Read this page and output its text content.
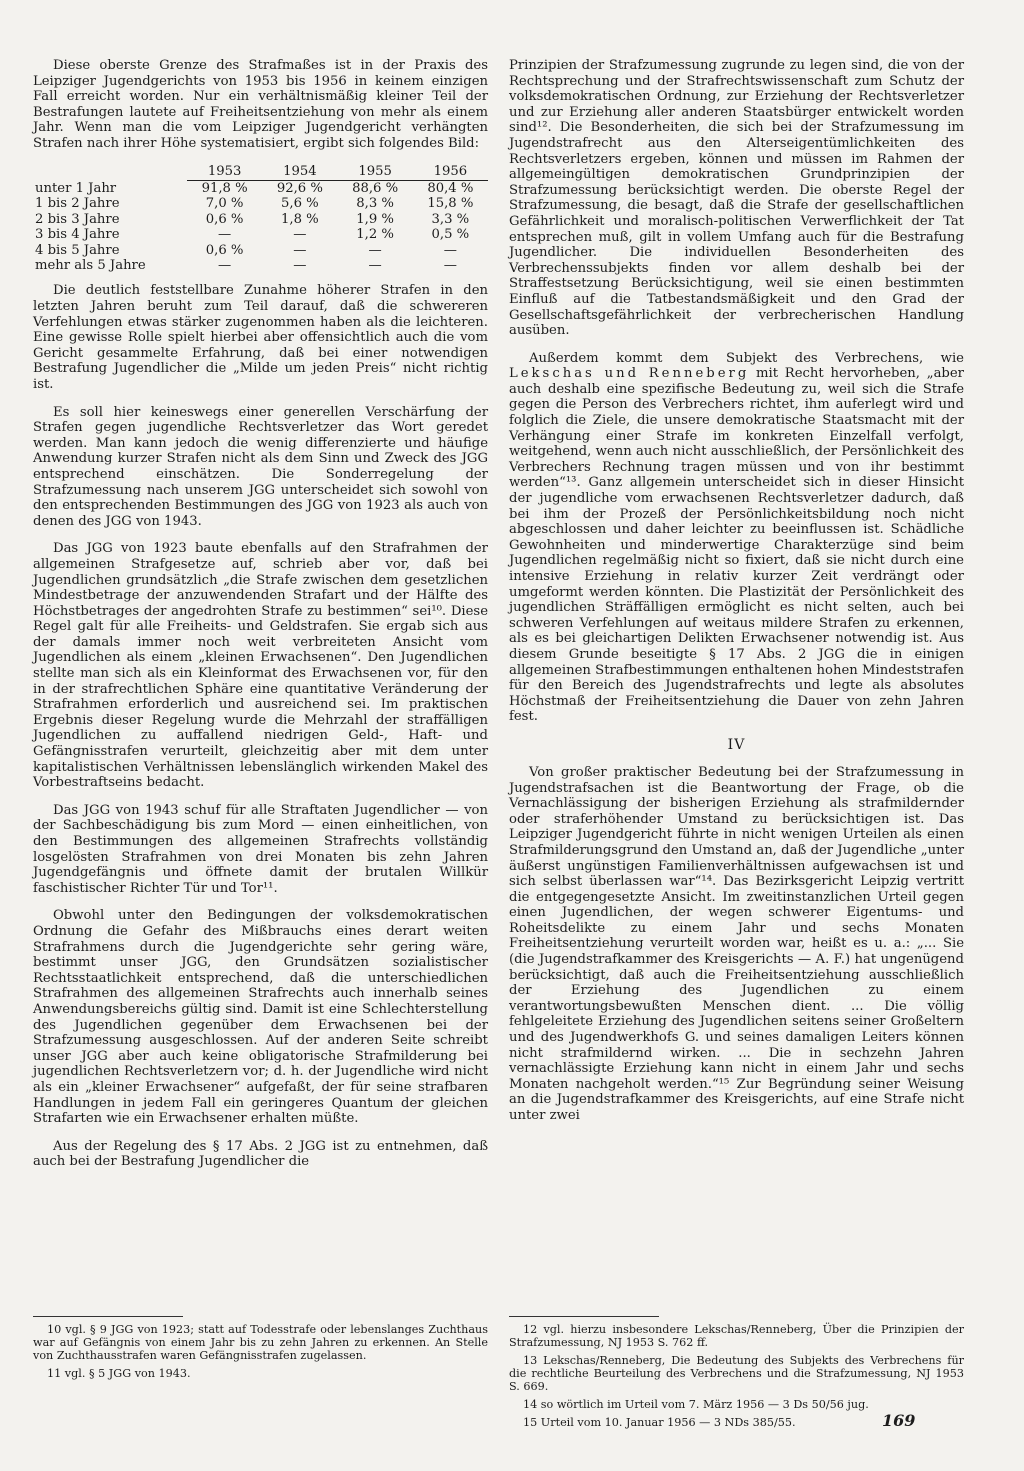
Diese oberste Grenze des Strafmaßes ist in der Praxis des Leipziger Jugendgerichts von 1953 bis 1956 in keinem einzigen Fall erreicht worden. Nur ein verhältnismäßig kleiner Teil der Bestrafungen lautete auf Freiheitsentziehung von mehr als einem Jahr. Wenn man die vom Leipziger Jugendgericht verhängten Strafen nach ihrer Höhe systematisiert, ergibt sich folgendes Bild:

	1953	1954	1955	1956
unter 1 Jahr	91,8 %	92,6 %	88,6 %	80,4 %
1 bis 2 Jahre	7,0 %	5,6 %	8,3 %	15,8 %
2 bis 3 Jahre	0,6 %	1,8 %	1,9 %	3,3 %
3 bis 4 Jahre	—	—	1,2 %	0,5 %
4 bis 5 Jahre	0,6 %	—	—	—
mehr als 5 Jahre	—	—	—	—

Die deutlich feststellbare Zunahme höherer Strafen in den letzten Jahren beruht zum Teil darauf, daß die schwereren Verfehlungen etwas stärker zugenommen haben als die leichteren. Eine gewisse Rolle spielt hierbei aber offensichtlich auch die vom Gericht gesammelte Erfahrung, daß bei einer notwendigen Bestrafung Jugendlicher die „Milde um jeden Preis“ nicht richtig ist.

Es soll hier keineswegs einer generellen Verschärfung der Strafen gegen jugendliche Rechtsverletzer das Wort geredet werden. Man kann jedoch die wenig differenzierte und häufige Anwendung kurzer Strafen nicht als dem Sinn und Zweck des JGG entsprechend einschätzen. Die Sonderregelung der Strafzumessung nach unserem JGG unterscheidet sich sowohl von den entsprechenden Bestimmungen des JGG von 1923 als auch von denen des JGG von 1943.

Das JGG von 1923 baute ebenfalls auf den Strafrahmen der allgemeinen Strafgesetze auf, schrieb aber vor, daß bei Jugendlichen grundsätzlich „die Strafe zwischen dem gesetzlichen Mindestbetrage der anzuwendenden Strafart und der Hälfte des Höchstbetrages der angedrohten Strafe zu bestimmen“ sei¹⁰. Diese Regel galt für alle Freiheits- und Geldstrafen. Sie ergab sich aus der damals immer noch weit verbreiteten Ansicht vom Jugendlichen als einem „kleinen Erwachsenen“. Den Jugendlichen stellte man sich als ein Kleinformat des Erwachsenen vor, für den in der strafrechtlichen Sphäre eine quantitative Veränderung der Strafrahmen erforderlich und ausreichend sei. Im praktischen Ergebnis dieser Regelung wurde die Mehrzahl der straffälligen Jugendlichen zu auffallend niedrigen Geld-, Haft- und Gefängnisstrafen verurteilt, gleichzeitig aber mit dem unter kapitalistischen Verhältnissen lebenslänglich wirkenden Makel des Vorbestraftseins bedacht.

Das JGG von 1943 schuf für alle Straftaten Jugendlicher — von der Sachbeschädigung bis zum Mord — einen einheitlichen, von den Bestimmungen des allgemeinen Strafrechts vollständig losgelösten Strafrahmen von drei Monaten bis zehn Jahren Jugendgefängnis und öffnete damit der brutalen Willkür faschistischer Richter Tür und Tor¹¹.

Obwohl unter den Bedingungen der volksdemokratischen Ordnung die Gefahr des Mißbrauchs eines derart weiten Strafrahmens durch die Jugendgerichte sehr gering wäre, bestimmt unser JGG, den Grundsätzen sozialistischer Rechtsstaatlichkeit entsprechend, daß die unterschiedlichen Strafrahmen des allgemeinen Strafrechts auch innerhalb seines Anwendungsbereichs gültig sind. Damit ist eine Schlechterstellung des Jugendlichen gegenüber dem Erwachsenen bei der Strafzumessung ausgeschlossen. Auf der anderen Seite schreibt unser JGG aber auch keine obligatorische Strafmilderung bei jugendlichen Rechtsverletzern vor; d. h. der Jugendliche wird nicht als ein „kleiner Erwachsener“ aufgefaßt, der für seine strafbaren Handlungen in jedem Fall ein geringeres Quantum der gleichen Strafarten wie ein Erwachsener erhalten müßte.

Aus der Regelung des § 17 Abs. 2 JGG ist zu entnehmen, daß auch bei der Bestrafung Jugendlicher die

10 vgl. § 9 JGG von 1923; statt auf Todesstrafe oder lebenslanges Zuchthaus war auf Gefängnis von einem Jahr bis zu zehn Jahren zu erkennen. An Stelle von Zuchthausstrafen waren Gefängnisstrafen zugelassen.
11 vgl. § 5 JGG von 1943.

Prinzipien der Strafzumessung zugrunde zu legen sind, die von der Rechtsprechung und der Strafrechtswissenschaft zum Schutz der volksdemokratischen Ordnung, zur Erziehung der Rechtsverletzer und zur Erziehung aller anderen Staatsbürger entwickelt worden sind¹². Die Besonderheiten, die sich bei der Strafzumessung im Jugendstrafrecht aus den Alterseigentümlichkeiten des Rechtsverletzers ergeben, können und müssen im Rahmen der allgemeingültigen demokratischen Grundprinzipien der Strafzumessung berücksichtigt werden. Die oberste Regel der Strafzumessung, die besagt, daß die Strafe der gesellschaftlichen Gefährlichkeit und moralisch-politischen Verwerflichkeit der Tat entsprechen muß, gilt in vollem Umfang auch für die Bestrafung Jugendlicher. Die individuellen Besonderheiten des Verbrechenssubjekts finden vor allem deshalb bei der Straffestsetzung Berücksichtigung, weil sie einen bestimmten Einfluß auf die Tatbestandsmäßigkeit und den Grad der Gesellschaftsgefährlichkeit der verbrecherischen Handlung ausüben.

Außerdem kommt dem Subjekt des Verbrechens, wie Lekschas und Renneberg mit Recht hervorheben, „aber auch deshalb eine spezifische Bedeutung zu, weil sich die Strafe gegen die Person des Verbrechers richtet, ihm auferlegt wird und folglich die Ziele, die unsere demokratische Staatsmacht mit der Verhängung einer Strafe im konkreten Einzelfall verfolgt, weitgehend, wenn auch nicht ausschließlich, der Persönlichkeit des Verbrechers Rechnung tragen müssen und von ihr bestimmt werden“¹³. Ganz allgemein unterscheidet sich in dieser Hinsicht der jugendliche vom erwachsenen Rechtsverletzer dadurch, daß bei ihm der Prozeß der Persönlichkeitsbildung noch nicht abgeschlossen und daher leichter zu beeinflussen ist. Schädliche Gewohnheiten und minderwertige Charakterzüge sind beim Jugendlichen regelmäßig nicht so fixiert, daß sie nicht durch eine intensive Erziehung in relativ kurzer Zeit verdrängt oder umgeformt werden könnten. Die Plastizität der Persönlichkeit des jugendlichen Sträffälligen ermöglicht es nicht selten, auch bei schweren Verfehlungen auf weitaus mildere Strafen zu erkennen, als es bei gleichartigen Delikten Erwachsener notwendig ist. Aus diesem Grunde beseitigte § 17 Abs. 2 JGG die in einigen allgemeinen Strafbestimmungen enthaltenen hohen Mindeststrafen für den Bereich des Jugendstrafrechts und legte als absolutes Höchstmaß der Freiheitsentziehung die Dauer von zehn Jahren fest.

IV

Von großer praktischer Bedeutung bei der Strafzumessung in Jugendstrafsachen ist die Beantwortung der Frage, ob die Vernachlässigung der bisherigen Erziehung als strafmildernder oder straferhöhender Umstand zu berücksichtigen ist. Das Leipziger Jugendgericht führte in nicht wenigen Urteilen als einen Strafmilderungsgrund den Umstand an, daß der Jugendliche „unter äußerst ungünstigen Familienverhältnissen aufgewachsen ist und sich selbst überlassen war“¹⁴. Das Bezirksgericht Leipzig vertritt die entgegengesetzte Ansicht. Im zweitinstanzlichen Urteil gegen einen Jugendlichen, der wegen schwerer Eigentums- und Roheitsdelikte zu einem Jahr und sechs Monaten Freiheitsentziehung verurteilt worden war, heißt es u. a.: „... Sie (die Jugendstrafkammer des Kreisgerichts — A. F.) hat ungenügend berücksichtigt, daß auch die Freiheitsentziehung ausschließlich der Erziehung des Jugendlichen zu einem verantwortungsbewußten Menschen dient. ... Die völlig fehlgeleitete Erziehung des Jugendlichen seitens seiner Großeltern und des Jugendwerkhofs G. und seines damaligen Leiters können nicht strafmildernd wirken. ... Die in sechzehn Jahren vernachlässigte Erziehung kann nicht in einem Jahr und sechs Monaten nachgeholt werden.“¹⁵ Zur Begründung seiner Weisung an die Jugendstrafkammer des Kreisgerichts, auf eine Strafe nicht unter zwei

12 vgl. hierzu insbesondere Lekschas/Renneberg, Über die Prinzipien der Strafzumessung, NJ 1953 S. 762 ff.
13 Lekschas/Renneberg, Die Bedeutung des Subjekts des Verbrechens für die rechtliche Beurteilung des Verbrechens und die Strafzumessung, NJ 1953 S. 669.
14 so wörtlich im Urteil vom 7. März 1956 — 3 Ds 50/56 jug.
15 Urteil vom 10. Januar 1956 — 3 NDs 385/55.	169
